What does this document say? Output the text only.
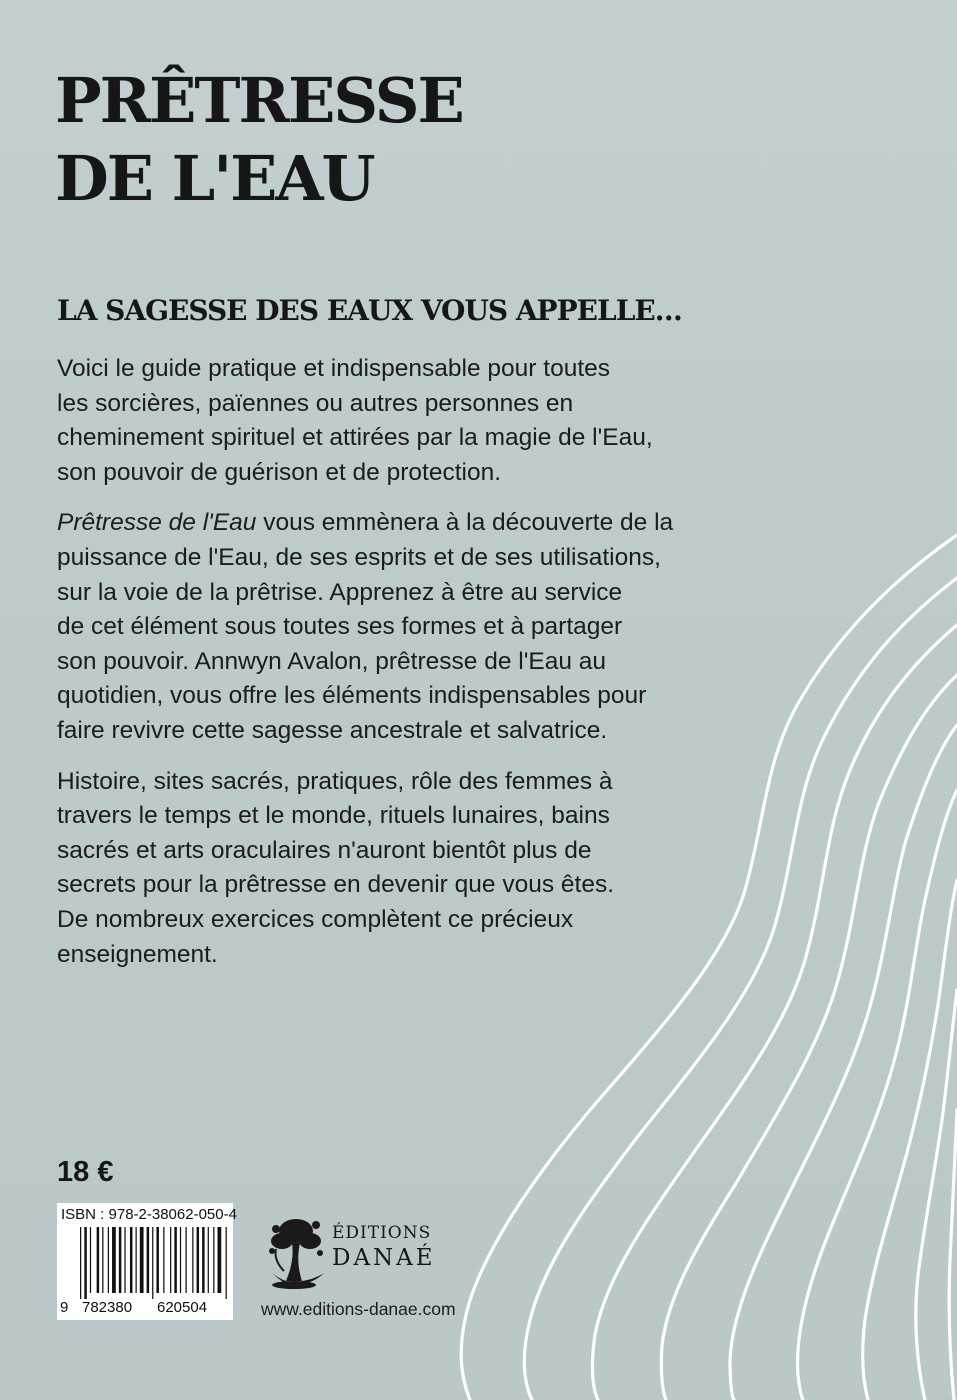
PRÊTRESSE
DE L'EAU
LA SAGESSE DES EAUX VOUS APPELLE…

Voici le guide pratique et indispensable pour toutes
les sorcières, païennes ou autres personnes en
cheminement spirituel et attirées par la magie de l'Eau,
son pouvoir de guérison et de protection.

Prêtresse de l'Eau vous emmènera à la découverte de la
puissance de l'Eau, de ses esprits et de ses utilisations,
sur la voie de la prêtrise. Apprenez à être au service
de cet élément sous toutes ses formes et à partager
son pouvoir. Annwyn Avalon, prêtresse de l'Eau au
quotidien, vous offre les éléments indispensables pour
faire revivre cette sagesse ancestrale et salvatrice.

Histoire, sites sacrés, pratiques, rôle des femmes à
travers le temps et le monde, rituels lunaires, bains
sacrés et arts oraculaires n'auront bientôt plus de
secrets pour la prêtresse en devenir que vous êtes.
De nombreux exercices complètent ce précieux
enseignement.

18 €
ISBN : 978-2-38062-050-4
9 782380 620504
ÉDITIONS
DANAÉ
www.editions-danae.com
